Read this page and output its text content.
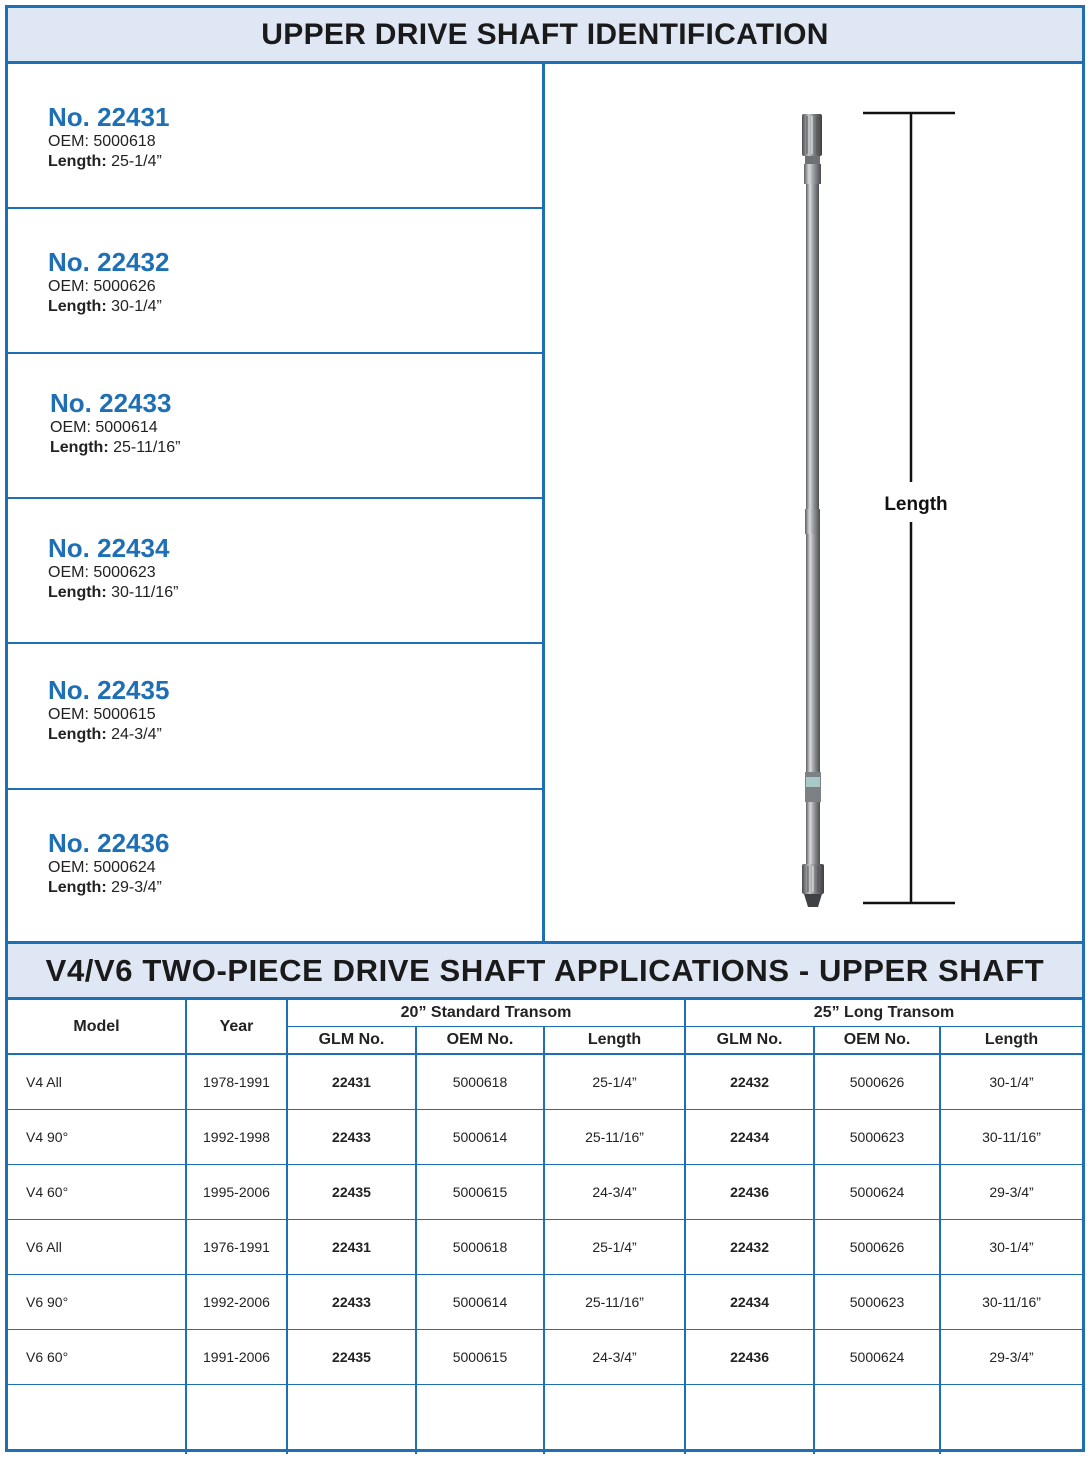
UPPER DRIVE SHAFT IDENTIFICATION
No. 22431
OEM: 5000618
Length: 25-1/4”
No. 22432
OEM: 5000626
Length: 30-1/4”
No. 22433
OEM: 5000614
Length: 25-11/16”
No. 22434
OEM: 5000623
Length: 30-11/16”
No. 22435
OEM: 5000615
Length: 24-3/4”
No. 22436
OEM: 5000624
Length: 29-3/4”
Length
V4/V6 TWO-PIECE DRIVE SHAFT APPLICATIONS - UPPER SHAFT
Model	Year	20” Standard Transom			25” Long Transom		
		GLM No.	OEM No.	Length	GLM No.	OEM No.	Length
V4 All	1978-1991	22431	5000618	25-1/4”	22432	5000626	30-1/4”
V4 90°	1992-1998	22433	5000614	25-11/16”	22434	5000623	30-11/16”
V4 60°	1995-2006	22435	5000615	24-3/4”	22436	5000624	29-3/4”
V6 All	1976-1991	22431	5000618	25-1/4”	22432	5000626	30-1/4”
V6 90°	1992-2006	22433	5000614	25-11/16”	22434	5000623	30-11/16”
V6 60°	1991-2006	22435	5000615	24-3/4”	22436	5000624	29-3/4”
